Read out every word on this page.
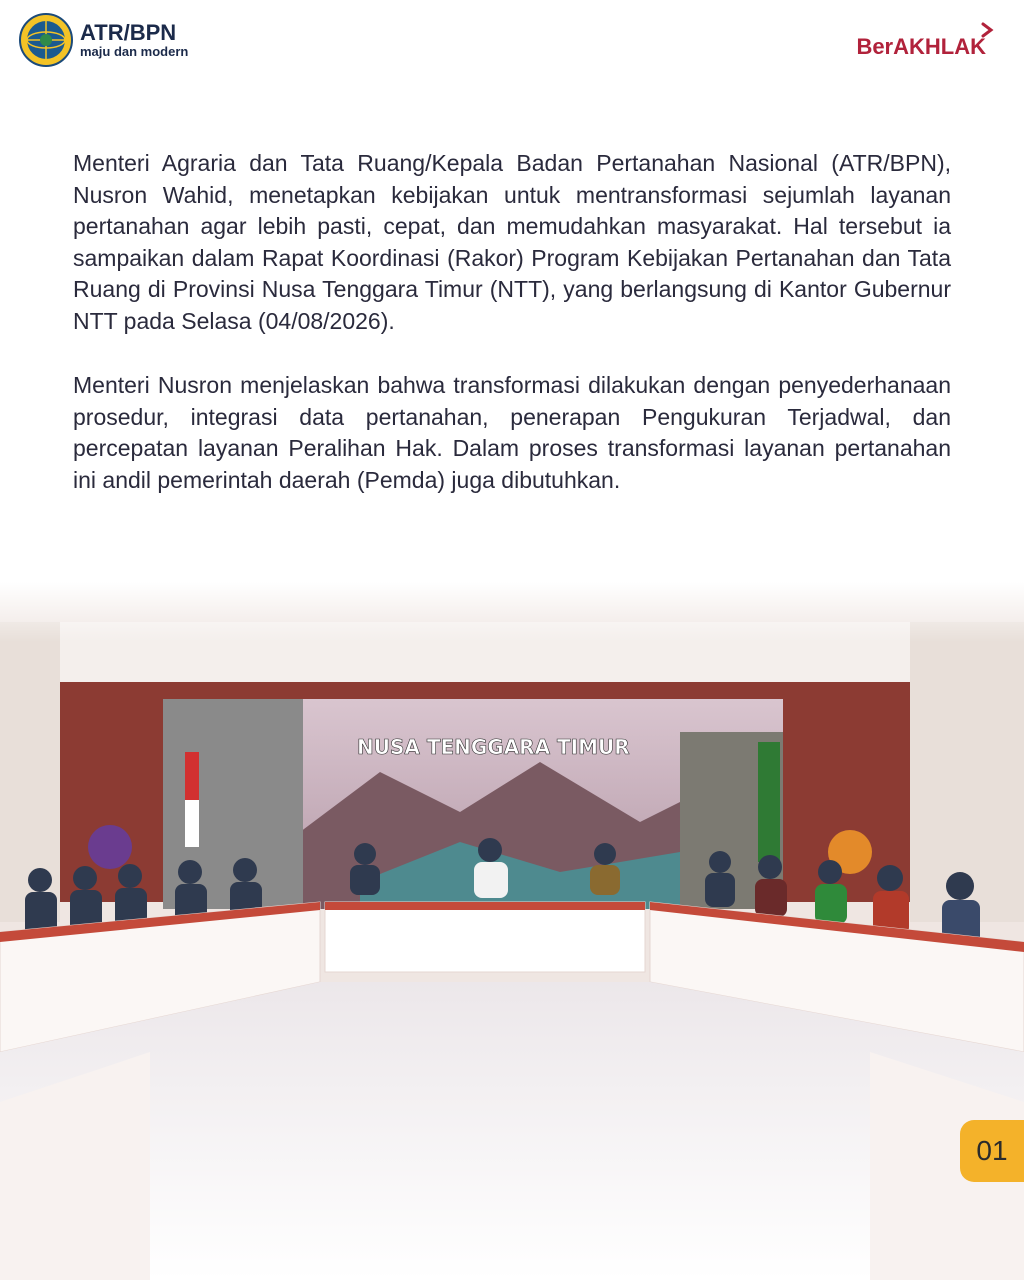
ATR/BPN
maju dan modern	BerAKHLAK

Menteri Agraria dan Tata Ruang/Kepala Badan Pertanahan Nasional (ATR/BPN), Nusron Wahid, menetapkan kebijakan untuk mentransformasi sejumlah layanan pertanahan agar lebih pasti, cepat, dan memudahkan masyarakat. Hal tersebut ia sampaikan dalam Rapat Koordinasi (Rakor) Program Kebijakan Pertanahan dan Tata Ruang di Provinsi Nusa Tenggara Timur (NTT), yang berlangsung di Kantor Gubernur NTT pada Selasa (04/08/2026).

Menteri Nusron menjelaskan bahwa transformasi dilakukan dengan penyederhanaan prosedur, integrasi data pertanahan, penerapan Pengukuran Terjadwal, dan percepatan layanan Peralihan Hak. Dalam proses transformasi layanan pertanahan ini andil pemerintah daerah (Pemda) juga dibutuhkan.

NUSA TENGGARA TIMUR
01
